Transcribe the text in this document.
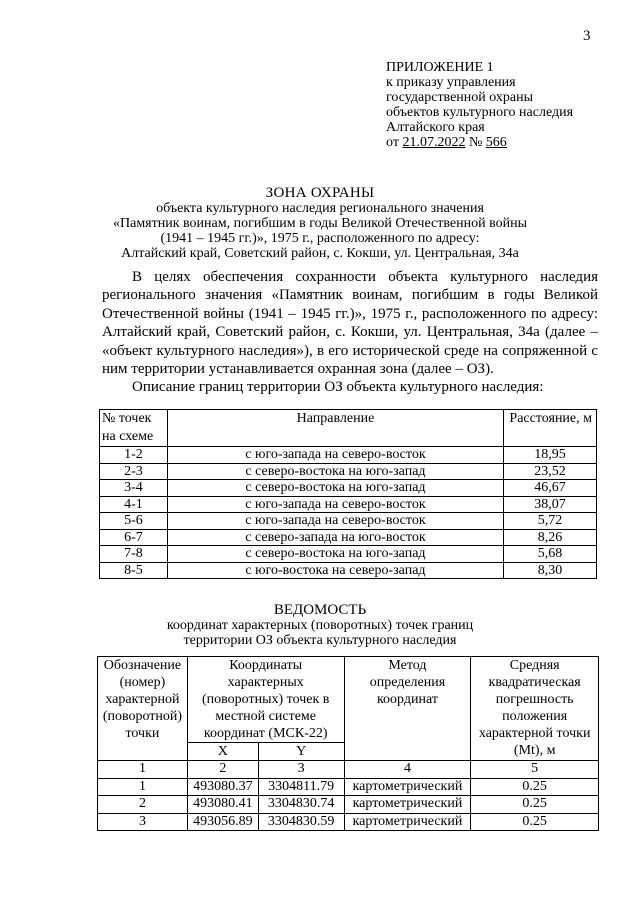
3
ПРИЛОЖЕНИЕ 1
к приказу управления
государственной охраны
объектов культурного наследия
Алтайского края
от 21.07.2022 № 566
ЗОНА ОХРАНЫ
объекта культурного наследия регионального значения
«Памятник воинам, погибшим в годы Великой Отечественной войны
(1941 – 1945 гг.)», 1975 г., расположенного по адресу:
Алтайский край, Советский район, с. Кокши, ул. Центральная, 34а

В целях обеспечения сохранности объекта культурного наследия регионального значения «Памятник воинам, погибшим в годы Великой Отечественной войны (1941 – 1945 гг.)», 1975 г., расположенного по адресу: Алтайский край, Советский район, с. Кокши, ул. Центральная, 34а (далее – «объект культурного наследия»), в его исторической среде на сопряженной с ним территории устанавливается охранная зона (далее – ОЗ).

Описание границ территории ОЗ объекта культурного наследия:

№ точек на схеме	Направление	Расстояние, м
1-2	с юго-запада на северо-восток	18,95
2-3	с северо-востока на юго-запад	23,52
3-4	с северо-востока на юго-запад	46,67
4-1	с юго-запада на северо-восток	38,07
5-6	с юго-запада на северо-восток	5,72
6-7	с северо-запада на юго-восток	8,26
7-8	с северо-востока на юго-запад	5,68
8-5	с юго-востока на северо-запад	8,30
ВЕДОМОСТЬ
координат характерных (поворотных) точек границ
территории ОЗ объекта культурного наследия
Обозначение (номер) характерной (поворотной) точки	Координаты характерных (поворотных) точек в местной системе координат (МСК-22)		Метод определения координат	Средняя квадратическая погрешность положения характерной точки (Mt), м
	X	Y		
1	2	3	4	5
1	493080.37	3304811.79	картометрический	0.25
2	493080.41	3304830.74	картометрический	0.25
3	493056.89	3304830.59	картометрический	0.25
